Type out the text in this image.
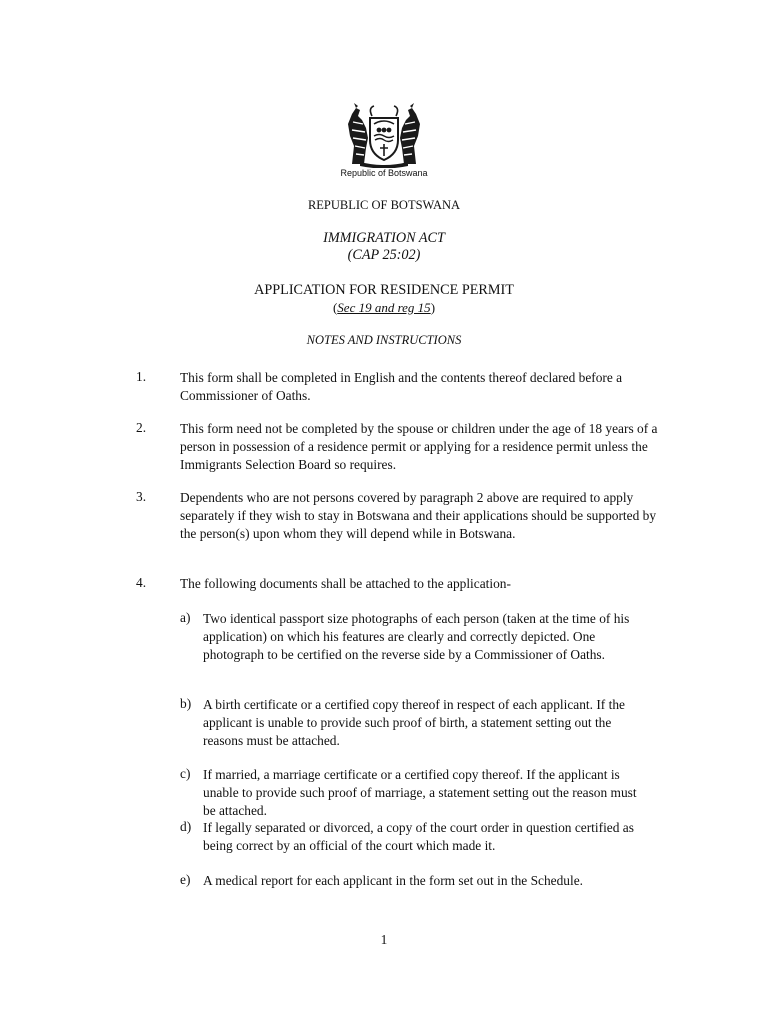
Republic of Botswana
REPUBLIC OF BOTSWANA
IMMIGRATION ACT
(CAP 25:02)
APPLICATION FOR RESIDENCE PERMIT
(Sec 19 and reg 15)
NOTES AND INSTRUCTIONS
1.	This form shall be completed in English and the contents thereof declared before a Commissioner of Oaths.
2.	This form need not be completed by the spouse or children under the age of 18 years of a person in possession of a residence permit or applying for a residence permit unless the Immigrants Selection Board so requires.
3.	Dependents who are not persons covered by paragraph 2 above are required to apply separately if they wish to stay in Botswana and their applications should be supported by the person(s) upon whom they will depend while in Botswana.
4.	The following documents shall be attached to the application-
a) Two identical passport size photographs of each person (taken at the time of his application) on which his features are clearly and correctly depicted. One photograph to be certified on the reverse side by a Commissioner of Oaths.
b) A birth certificate or a certified copy thereof in respect of each applicant. If the applicant is unable to provide such proof of birth, a statement setting out the reasons must be attached.
c) If married, a marriage certificate or a certified copy thereof. If the applicant is unable to provide such proof of marriage, a statement setting out the reason must be attached.
d) If legally separated or divorced, a copy of the court order in question certified as being correct by an official of the court which made it.
e) A medical report for each applicant in the form set out in the Schedule.
1
